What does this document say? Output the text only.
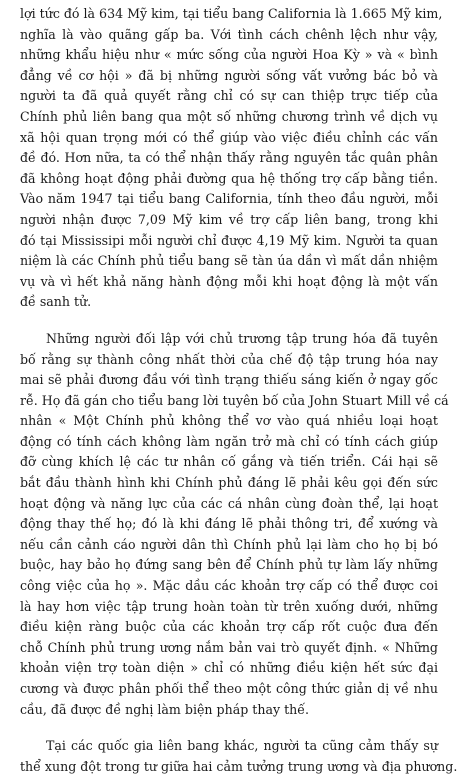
lợi tức đó là 634 Mỹ kim, tại tiểu bang California là 1.665 Mỹ kim,
nghĩa là vào quãng gấp ba. Với tình cách chênh lệch như vậy,
những khẩu hiệu như « mức sống của người Hoa Kỳ » và « bình
đẳng về cơ hội » đã bị những người sống vất vưởng bác bỏ và
người ta đã quả quyết rằng chỉ có sự can thiệp trực tiếp của
Chính phủ liên bang qua một số những chương trình về dịch vụ
xã hội quan trọng mới có thể giúp vào việc điều chỉnh các vấn
đề đó. Hơn nữa, ta có thể nhận thấy rằng nguyên tắc quân phân
đã không hoạt động phải đường qua hệ thống trợ cấp bằng tiền.
Vào năm 1947 tại tiểu bang California, tính theo đầu người, mỗi
người nhận được 7,09 Mỹ kim về trợ cấp liên bang, trong khi
đó tại Mississipi mỗi người chỉ được 4,19 Mỹ kim. Người ta quan
niệm là các Chính phủ tiểu bang sẽ tàn úa dần vì mất dần nhiệm
vụ và vì hết khả năng hành động mỗi khi hoạt động là một vấn
đề sanh tử.
Những người đối lập với chủ trương tập trung hóa đã tuyên
bố rằng sự thành công nhất thời của chế độ tập trung hóa nay
mai sẽ phải đương đầu với tình trạng thiếu sáng kiến ở ngay gốc
rễ. Họ đã gán cho tiểu bang lời tuyên bố của John Stuart Mill về cá
nhân « Một Chính phủ không thể vơ vào quá nhiều loại hoạt
động có tính cách không làm ngăn trở mà chỉ có tính cách giúp
đỡ cùng khích lệ các tư nhân cố gắng và tiến triển. Cái hại sẽ
bắt đầu thành hình khi Chính phủ đáng lẽ phải kêu gọi đến sức
hoạt động và năng lực của các cá nhân cùng đoàn thể, lại hoạt
động thay thế họ; đó là khi đáng lẽ phải thông tri, để xướng và
nếu cần cảnh cáo người dân thì Chính phủ lại làm cho họ bị bó
buộc, hay bảo họ đứng sang bên để Chính phủ tự làm lấy những
công việc của họ ». Mặc dầu các khoản trợ cấp có thể được coi
là hay hơn việc tập trung hoàn toàn từ trên xuống dưới, những
điều kiện ràng buộc của các khoản trợ cấp rốt cuộc đưa đến
chỗ Chính phủ trung ương nắm bản vai trò quyết định. « Những
khoản viện trợ toàn diện » chỉ có những điều kiện hết sức đại
cương và được phân phối thể theo một công thức giản dị về nhu
cầu, đã được đề nghị làm biện pháp thay thế.
Tại các quốc gia liên bang khác, người ta cũng cảm thấy sự
thể xung đột trong tư giữa hai cảm tưởng trung ương và địa phương.
